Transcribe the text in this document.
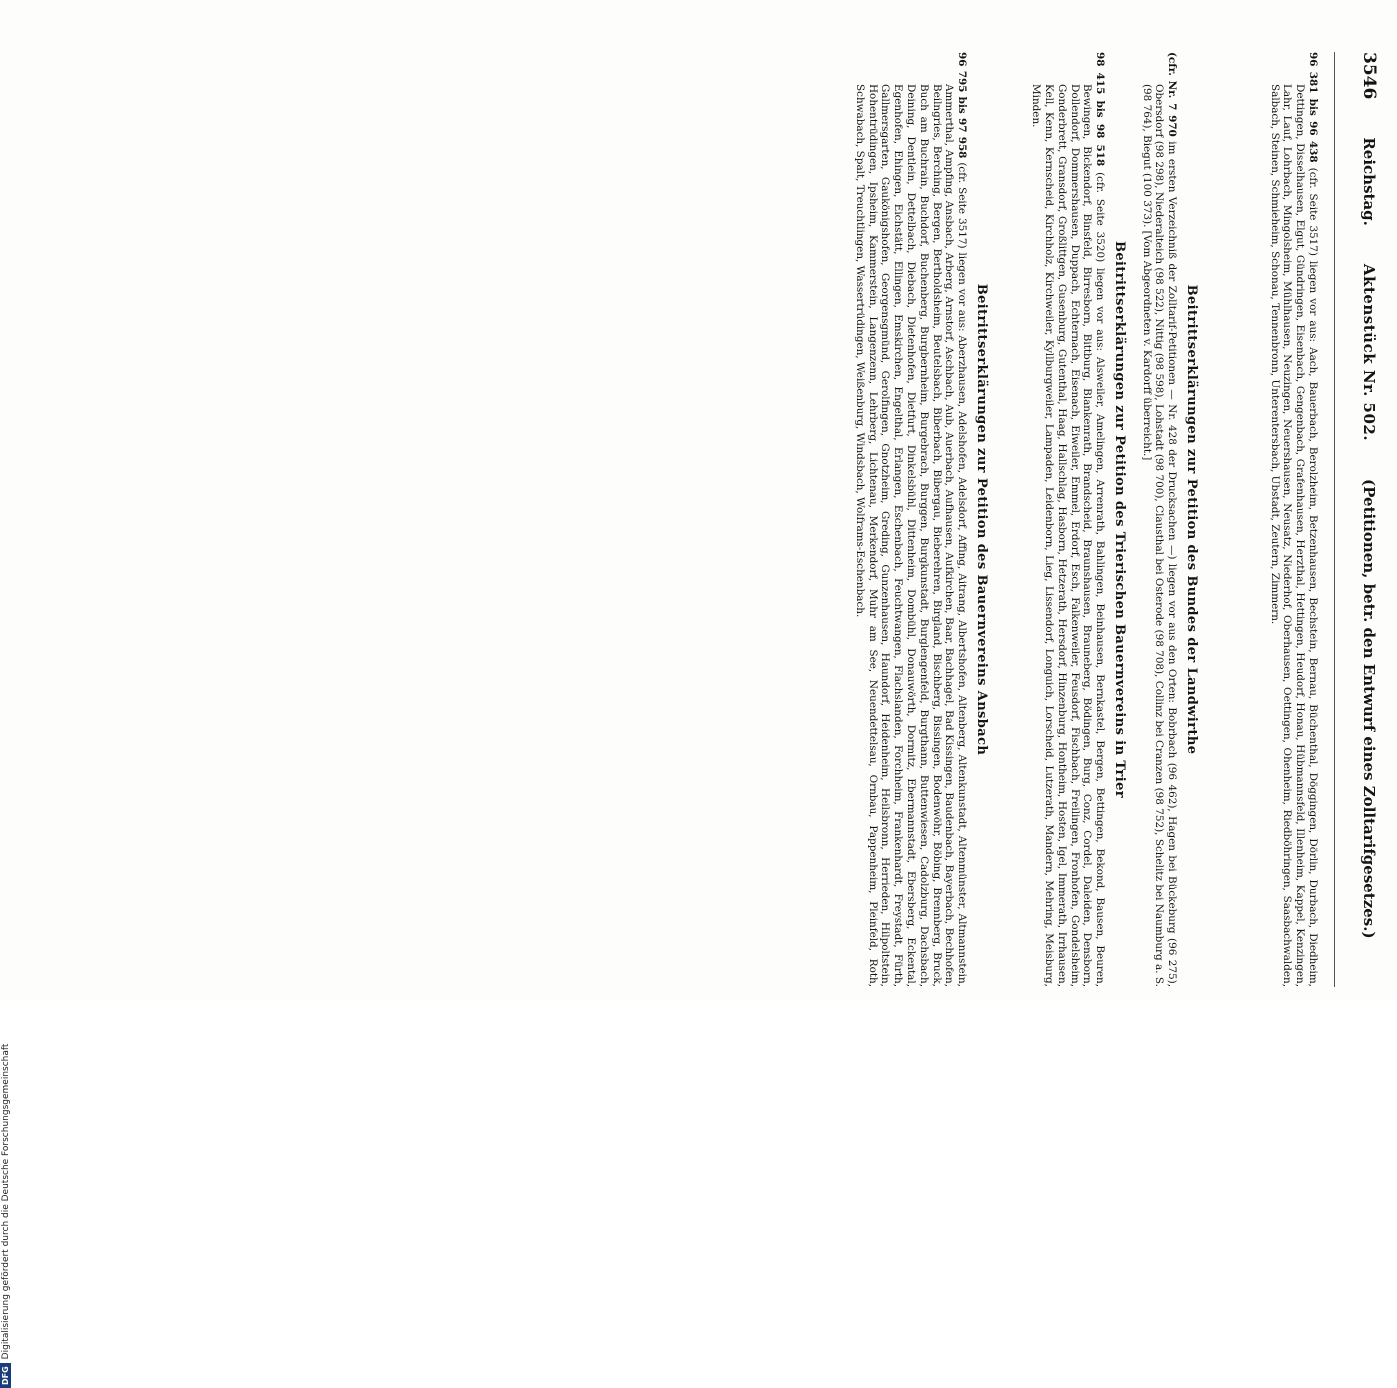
3546
Reichstag.
Aktenstück Nr. 502.
(Petitionen, betr. den Entwurf eines Zolltarifgesetzes.)

96 381 bis 96 438 (cfr. Seite 3517) liegen vor aus: Aach, Bauerbach, Berolzheim, Betzenhausen, Bechstein, Bernau, Büchenthal, Döggingen, Dörlin, Durbach, Diedheim, Dettingen, Disselhausen, Elgut, Gündringen, Eisenbach, Gengenbach, Grafenhausen, Herzthal, Hettingen, Heudorf, Honau, Hübmannsfeld, Illenheim, Kappel, Kenzingen, Lahr, Lauf, Lohrbach, Mingolsheim, Mühlhausen, Neuzingen, Neuershausen, Neusatz, Niederhof, Oberhausen, Oettingen, Ohenheim, Riedböhringen, Saasbachwalden, Salbach, Steinen, Schmieheim, Schonau, Tennenbronn, Unterentersbach, Ubstadt, Zeutern, Zimmern.

Beitrittserklärungen zur Petition des Bundes der Landwirthe

(cfr. Nr. 7 970 im ersten Verzeichniß der Zolltarif-Petitionen — Nr. 428 der Drucksachen —) liegen vor aus den Orten: Bobrbach (96 462), Hagen bei Bückeburg (96 275), Obersdorf (98 298), Niederalteich (98 522), Nittig (98 598), Lohstadt (98 700), Clausthal bei Osterode (98 708), Collinz bei Cranzen (98 752), Schelitz bei Naumburg a. S. (98 764), Biegut (100 373). [Vom Abgeordneten v. Kardorff überreicht.]

Beitrittserklärungen zur Petition des Trierischen Bauernvereins in Trier

98 415 bis 98 518 (cfr. Seite 3520) liegen vor aus: Alsweiler, Amelingen, Arrenrath, Bahlingen, Beinhausen, Bernkastel, Bergen, Bettingen, Bekond, Bausen, Beuren, Bewingen, Bickendorf, Binsfeld, Birresborn, Bittburg, Blankenrath, Brandscheid, Braunshausen, Brauneberg, Bödingen, Burg, Conz, Cordel, Daleiden, Densborn, Dollendorf, Dommershausen, Duppach, Echternach, Eisenach, Eiweiler, Emmel, Erdorf, Esch, Falkenweiler, Feusdorf, Fischbach, Freilingen, Fronhofen, Gondelsheim, Gonderbrett, Gransdorf, Großlittgen, Gusenburg, Gutenthal, Haag, Hallschlag, Hasborn, Hetzerath, Hersdorf, Hinzenburg, Hontheim, Hosten, Igel, Immerath, Irrhausen, Kell, Kenn, Kernscheid, Kirchholz, Kirchweiler, Kyllburgweiler, Lampaden, Leidenborn, Lieg, Lissendorf, Longuich, Lorscheid, Lutzerath, Mandern, Mehring, Meisburg, Minden.

Beitrittserklärungen zur Petition des Bauernvereins Ansbach

96 795 bis 97 958 (cfr. Seite 3517) liegen vor aus: Aberzhausen, Adelshofen, Adelsdorf, Affing, Aitrang, Albertshofen, Altenberg, Altenkunstadt, Altenmünster, Altmannstein, Ammerthal, Ampfing, Ansbach, Arberg, Arnstorf, Aschbach, Aub, Auerbach, Aufhausen, Aufkirchen, Baar, Bachhagel, Bad Kissingen, Baudenbach, Bayerbach, Bechhofen, Beilngries, Berching, Bergen, Bertholdsheim, Beutelsbach, Biberbach, Bibergau, Bieberehren, Birgland, Bischberg, Bissingen, Bodenwöhr, Böbing, Brennberg, Bruck, Buch am Buchrain, Buchdorf, Buchenberg, Burgbernheim, Burgebrach, Burggen, Burgkunstadt, Burglengenfeld, Burgthann, Buttenwiesen, Cadolzburg, Dachsbach, Deining, Dentlein, Dettelbach, Diebach, Dietenhofen, Dietfurt, Dinkelsbühl, Dittenheim, Dombühl, Donauwörth, Dormitz, Ebermannstadt, Ebersberg, Eckental, Egenhofen, Ehingen, Eichstätt, Ellingen, Emskirchen, Engelthal, Erlangen, Eschenbach, Feuchtwangen, Flachslanden, Forchheim, Frankenhardt, Freystadt, Fürth, Gallmersgarten, Gaukönigshofen, Georgensgmünd, Gerolfingen, Gnotzheim, Greding, Gunzenhausen, Haundorf, Heidenheim, Heilsbronn, Herrieden, Hilpoltstein, Hohentrüdingen, Ipsheim, Kammerstein, Langenzenn, Lehrberg, Lichtenau, Merkendorf, Muhr am See, Neuendettelsau, Ornbau, Pappenheim, Pleinfeld, Roth, Schwabach, Spalt, Treuchtlingen, Wassertrüdingen, Weißenburg, Windsbach, Wolframs-Eschenbach.

DFGDigitalisierung gefördert durch die Deutsche Forschungsgemeinschaft
